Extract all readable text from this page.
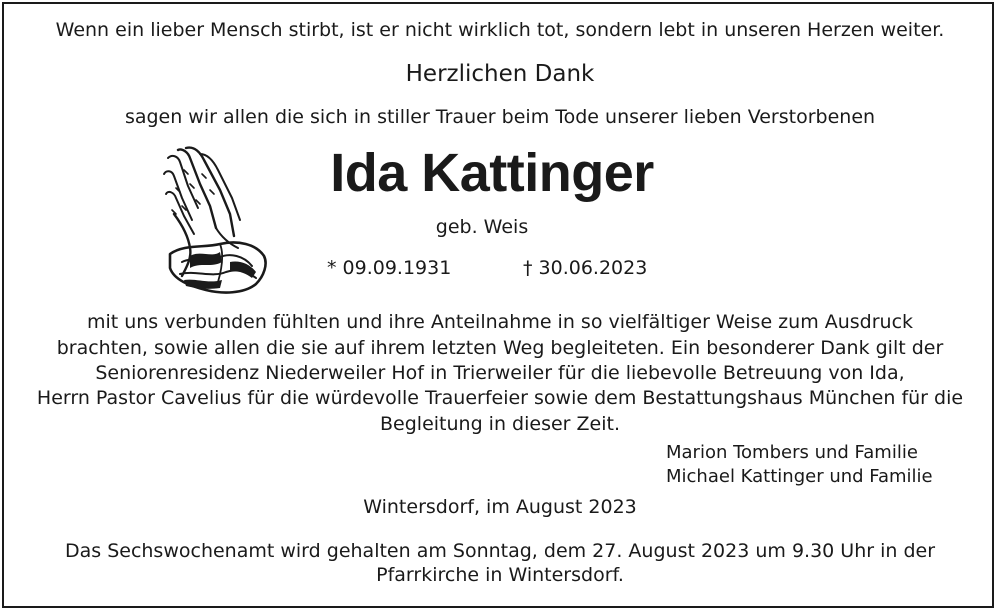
Wenn ein lieber Mensch stirbt, ist er nicht wirklich tot, sondern lebt in unseren Herzen weiter.
Herzlichen Dank
sagen wir allen die sich in stiller Trauer beim Tode unserer lieben Verstorbenen
Ida Kattinger
geb. Weis
* 09.09.1931	† 30.06.2023
mit uns verbunden fühlten und ihre Anteilnahme in so vielfältiger Weise zum Ausdruck
brachten, sowie allen die sie auf ihrem letzten Weg begleiteten. Ein besonderer Dank gilt der
Seniorenresidenz Niederweiler Hof in Trierweiler für die liebevolle Betreuung von Ida,
Herrn Pastor Cavelius für die würdevolle Trauerfeier sowie dem Bestattungshaus München für die
Begleitung in dieser Zeit.
Marion Tombers und Familie
Michael Kattinger und Familie
Wintersdorf, im August 2023
Das Sechswochenamt wird gehalten am Sonntag, dem 27. August 2023 um 9.30 Uhr in der
Pfarrkirche in Wintersdorf.
